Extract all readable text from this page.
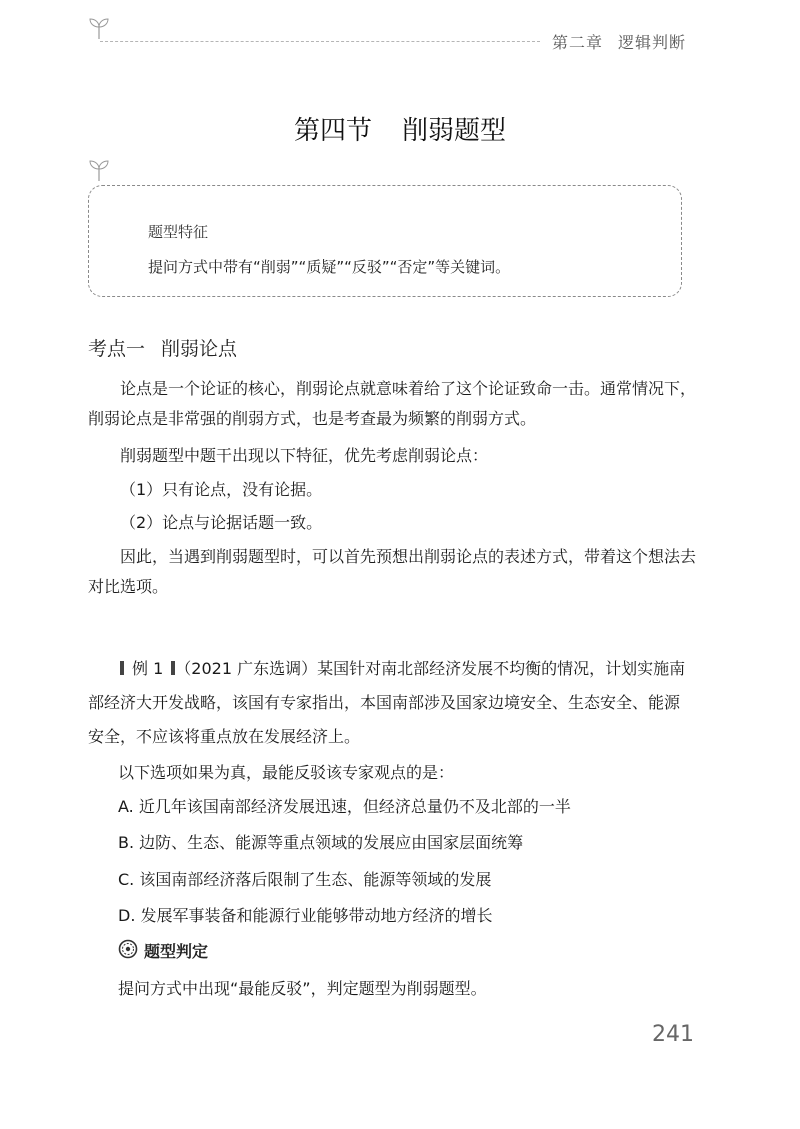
第二章 逻辑判断
第四节 削弱题型
题型特征
提问方式中带有“削弱”“质疑”“反驳”“否定”等关键词。
考点一 削弱论点
论点是一个论证的核心，削弱论点就意味着给了这个论证致命一击。通常情况下，削弱论点是非常强的削弱方式，也是考查最为频繁的削弱方式。
削弱题型中题干出现以下特征，优先考虑削弱论点：
（1）只有论点，没有论据。
（2）论点与论据话题一致。
因此，当遇到削弱题型时，可以首先预想出削弱论点的表述方式，带着这个想法去对比选项。
例 1 （2021 广东选调）某国针对南北部经济发展不均衡的情况，计划实施南部经济大开发战略，该国有专家指出，本国南部涉及国家边境安全、生态安全、能源安全，不应该将重点放在发展经济上。
以下选项如果为真，最能反驳该专家观点的是：
A. 近几年该国南部经济发展迅速，但经济总量仍不及北部的一半
B. 边防、生态、能源等重点领域的发展应由国家层面统筹
C. 该国南部经济落后限制了生态、能源等领域的发展
D. 发展军事装备和能源行业能够带动地方经济的增长
题型判定
提问方式中出现“最能反驳”，判定题型为削弱题型。
241
